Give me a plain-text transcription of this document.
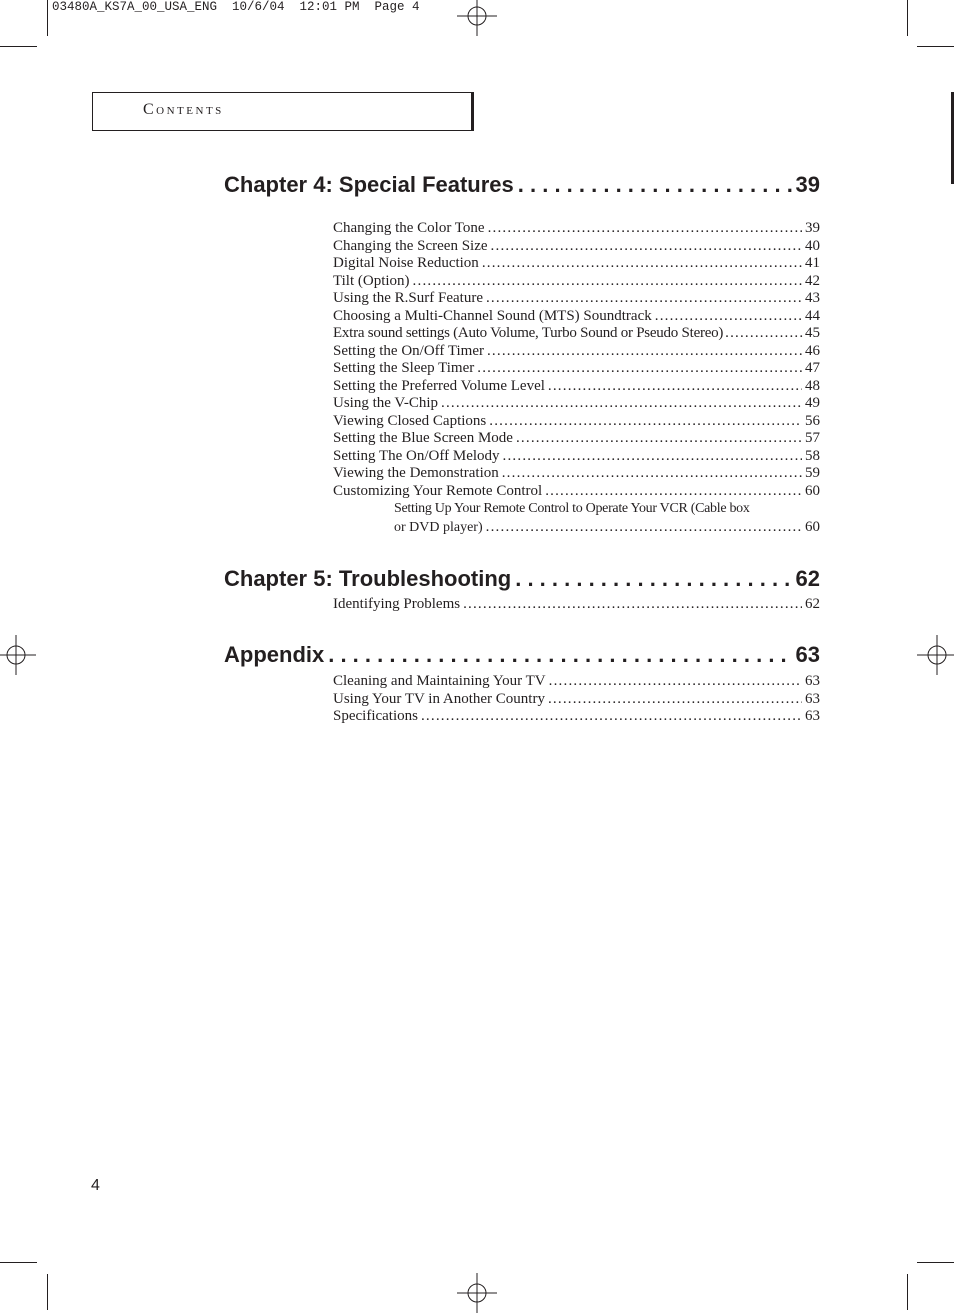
03480A_KS7A_00_USA_ENG  10/6/04  12:01 PM  Page 4
Contents
Chapter 4: Special Features . . .	39
Changing the Color Tone .....	39
Changing the Screen Size .....	40
Digital Noise Reduction .....	41
Tilt (Option) .....	42
Using the R.Surf Feature .....	43
Choosing a Multi-Channel Sound (MTS) Soundtrack .....	44
Extra sound settings (Auto Volume, Turbo Sound or Pseudo Stereo) .....	45
Setting the On/Off Timer .....	46
Setting the Sleep Timer .....	47
Setting the Preferred Volume Level .....	48
Using the V-Chip .....	49
Viewing Closed Captions .....	56
Setting the Blue Screen Mode .....	57
Setting The On/Off Melody .....	58
Viewing the Demonstration .....	59
Customizing Your Remote Control .....	60
Setting Up Your Remote Control to Operate Your VCR (Cable box
or DVD player) .....	60
Chapter 5: Troubleshooting . . .	62
Identifying Problems .....	62
Appendix . . .	63
Cleaning and Maintaining Your TV .....	63
Using Your TV in Another Country .....	63
Specifications .....	63
4
